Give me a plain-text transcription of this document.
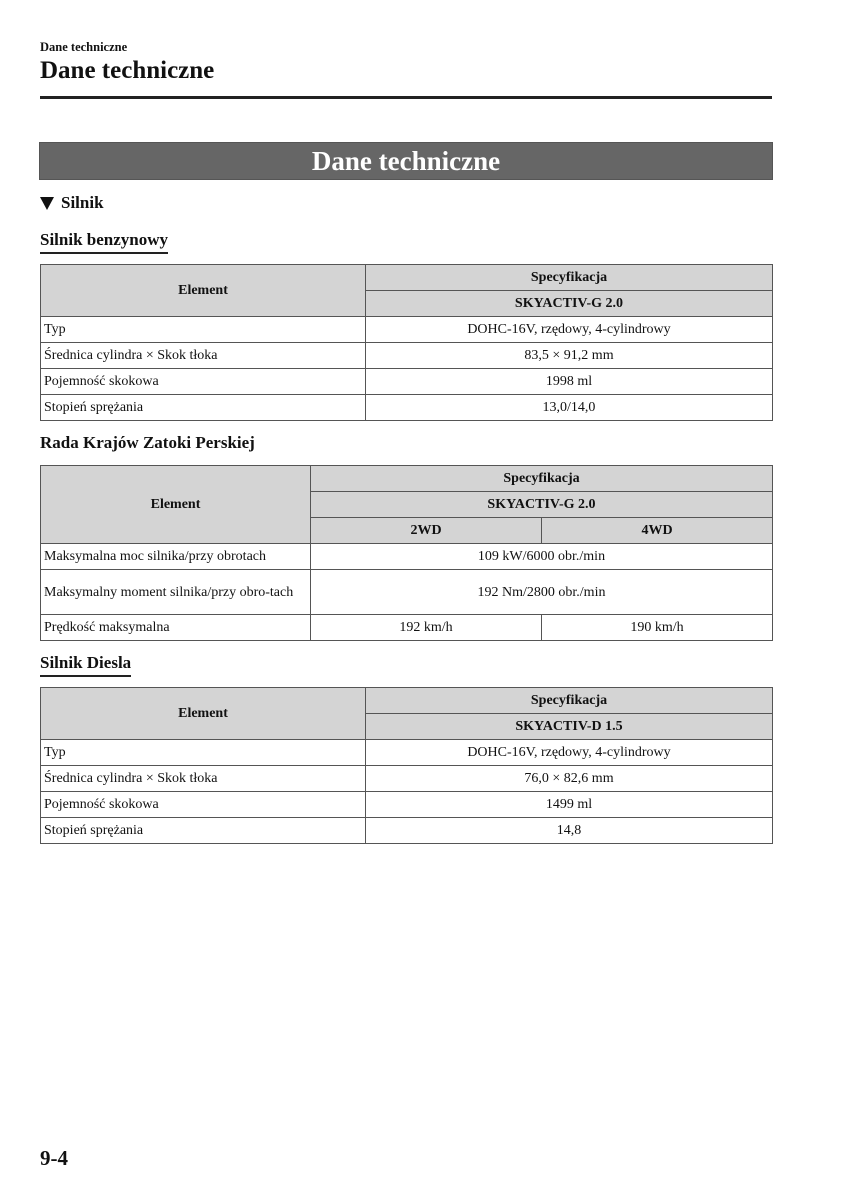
Dane techniczne
Dane techniczne
Dane techniczne
Silnik
Silnik benzynowy
Element	Specyfikacja
	SKYACTIV-G 2.0
Typ	DOHC-16V, rzędowy, 4-cylindrowy
Średnica cylindra × Skok tłoka	83,5 × 91,2 mm
Pojemność skokowa	1998 ml
Stopień sprężania	13,0/14,0
Rada Krajów Zatoki Perskiej
Element	Specyfikacja	
	SKYACTIV-G 2.0	
	2WD	4WD
Maksymalna moc silnika/przy obrotach	109 kW/6000 obr./min	
Maksymalny moment silnika/przy obro-tach	192 Nm/2800 obr./min	
Prędkość maksymalna	192 km/h	190 km/h
Silnik Diesla
Element	Specyfikacja
	SKYACTIV-D 1.5
Typ	DOHC-16V, rzędowy, 4-cylindrowy
Średnica cylindra × Skok tłoka	76,0 × 82,6 mm
Pojemność skokowa	1499 ml
Stopień sprężania	14,8
9-4
